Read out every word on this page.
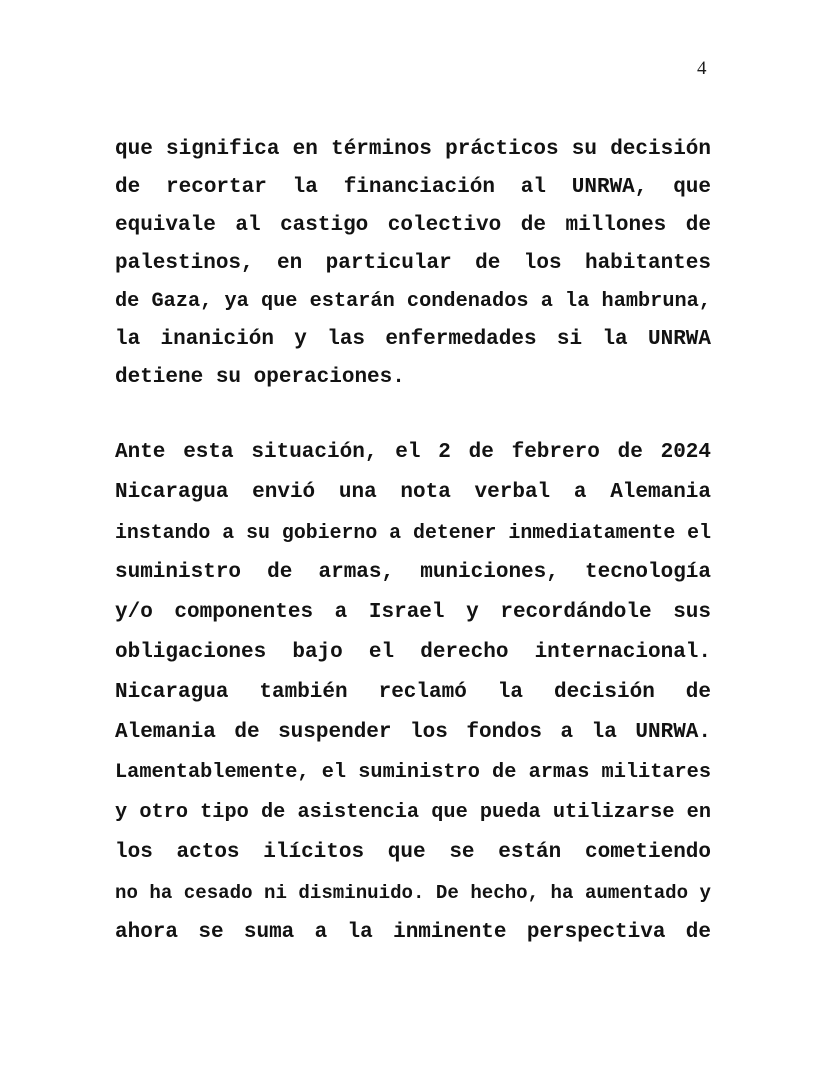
4
que significa en términos prácticos su decisión
de recortar la financiación al UNRWA, que
equivale al castigo colectivo de millones de
palestinos, en particular de los habitantes
de Gaza, ya que estarán condenados a la hambruna,
la inanición y las enfermedades si la UNRWA
detiene su operaciones.
Ante esta situación, el 2 de febrero de 2024
Nicaragua envió una nota verbal a Alemania
instando a su gobierno a detener inmediatamente el
suministro de armas, municiones, tecnología
y/o componentes a Israel y recordándole sus
obligaciones bajo el derecho internacional.
Nicaragua también reclamó la decisión de
Alemania de suspender los fondos a la UNRWA.
Lamentablemente, el suministro de armas militares
y otro tipo de asistencia que pueda utilizarse en
los actos ilícitos que se están cometiendo
no ha cesado ni disminuido. De hecho, ha aumentado y
ahora se suma a la inminente perspectiva de
